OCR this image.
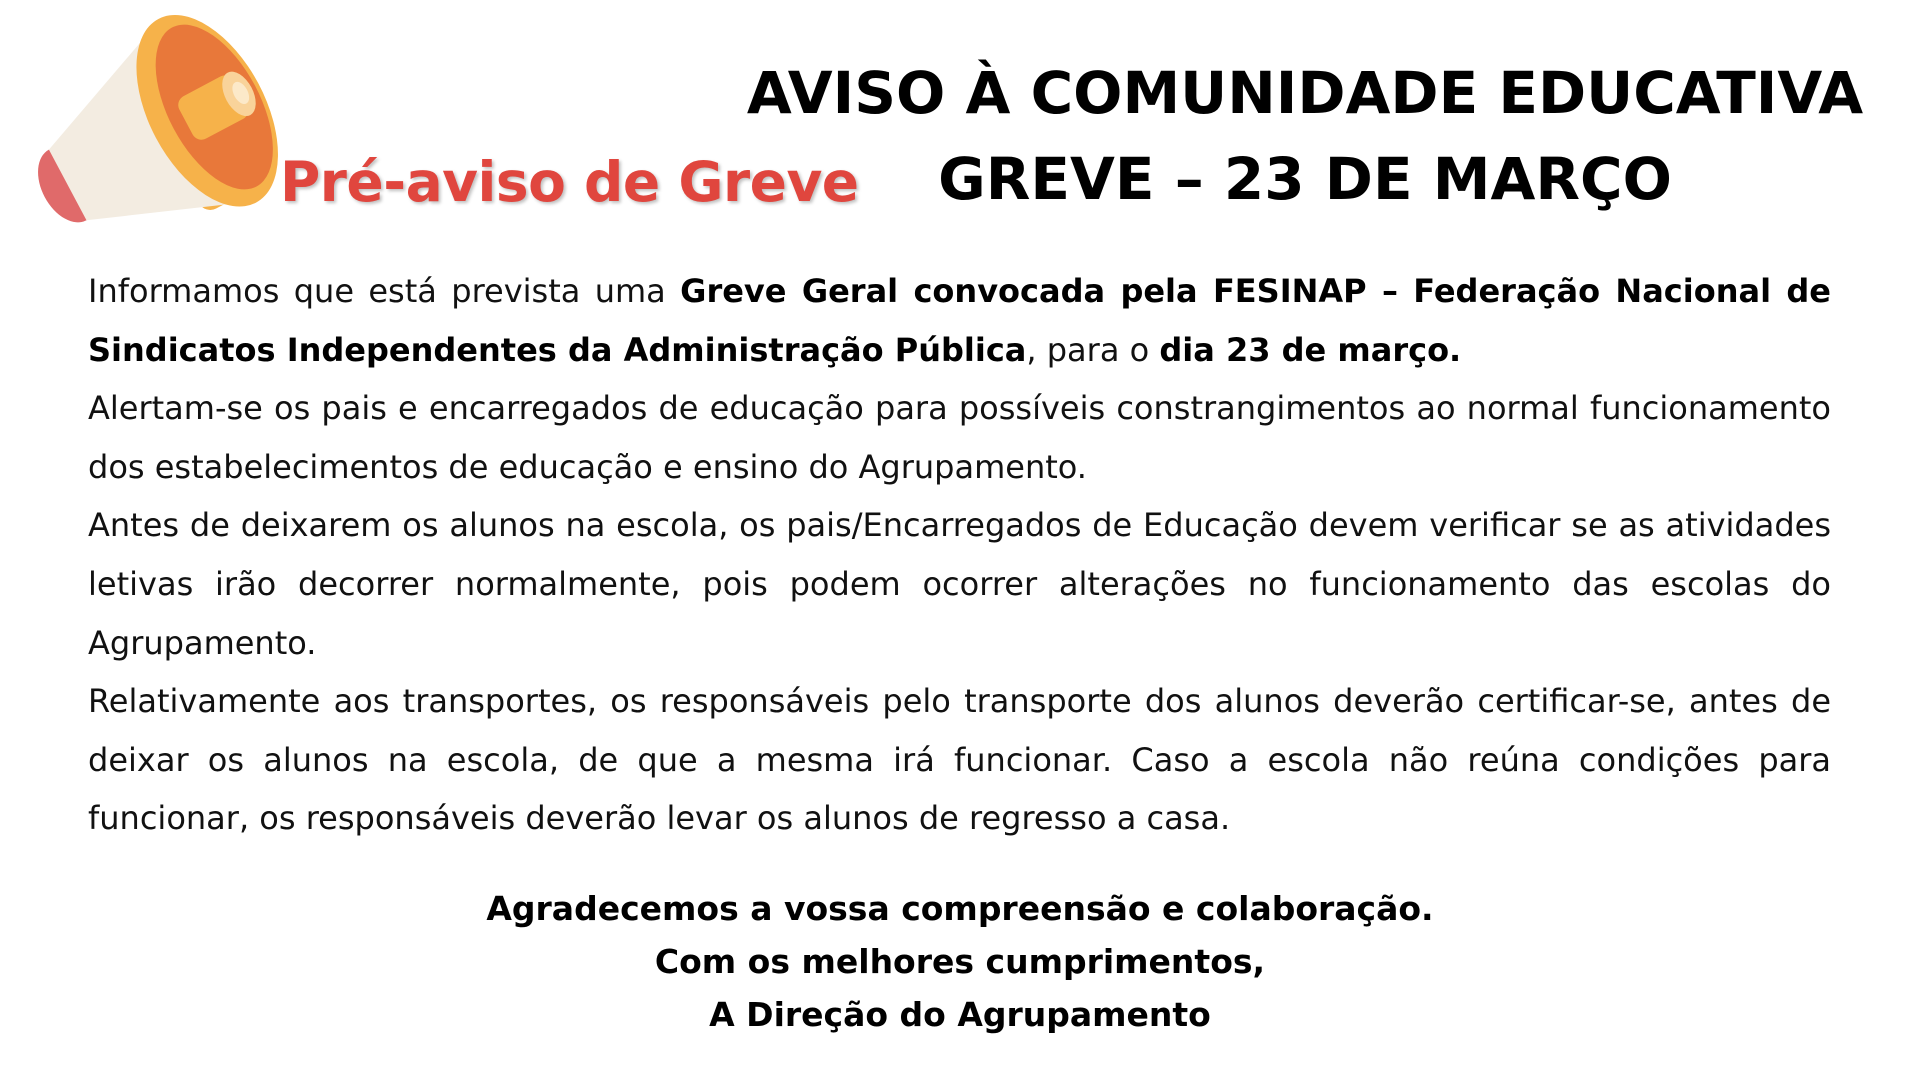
Pré-aviso de Greve
AVISO À COMUNIDADE EDUCATIVA
GREVE – 23 DE MARÇO

Informamos que está prevista uma Greve Geral convocada pela FESINAP – Federação Nacional de Sindicatos Independentes da Administração Pública, para o dia 23 de março.

Alertam-se os pais e encarregados de educação para possíveis constrangimentos ao normal funcionamento dos estabelecimentos de educação e ensino do Agrupamento.

Antes de deixarem os alunos na escola, os pais/Encarregados de Educação devem verificar se as atividades letivas irão decorrer normalmente, pois podem ocorrer alterações no funcionamento das escolas do Agrupamento.

Relativamente aos transportes, os responsáveis pelo transporte dos alunos deverão certificar-se, antes de deixar os alunos na escola, de que a mesma irá funcionar. Caso a escola não reúna condições para funcionar, os responsáveis deverão levar os alunos de regresso a casa.

Agradecemos a vossa compreensão e colaboração.
Com os melhores cumprimentos,
A Direção do Agrupamento
